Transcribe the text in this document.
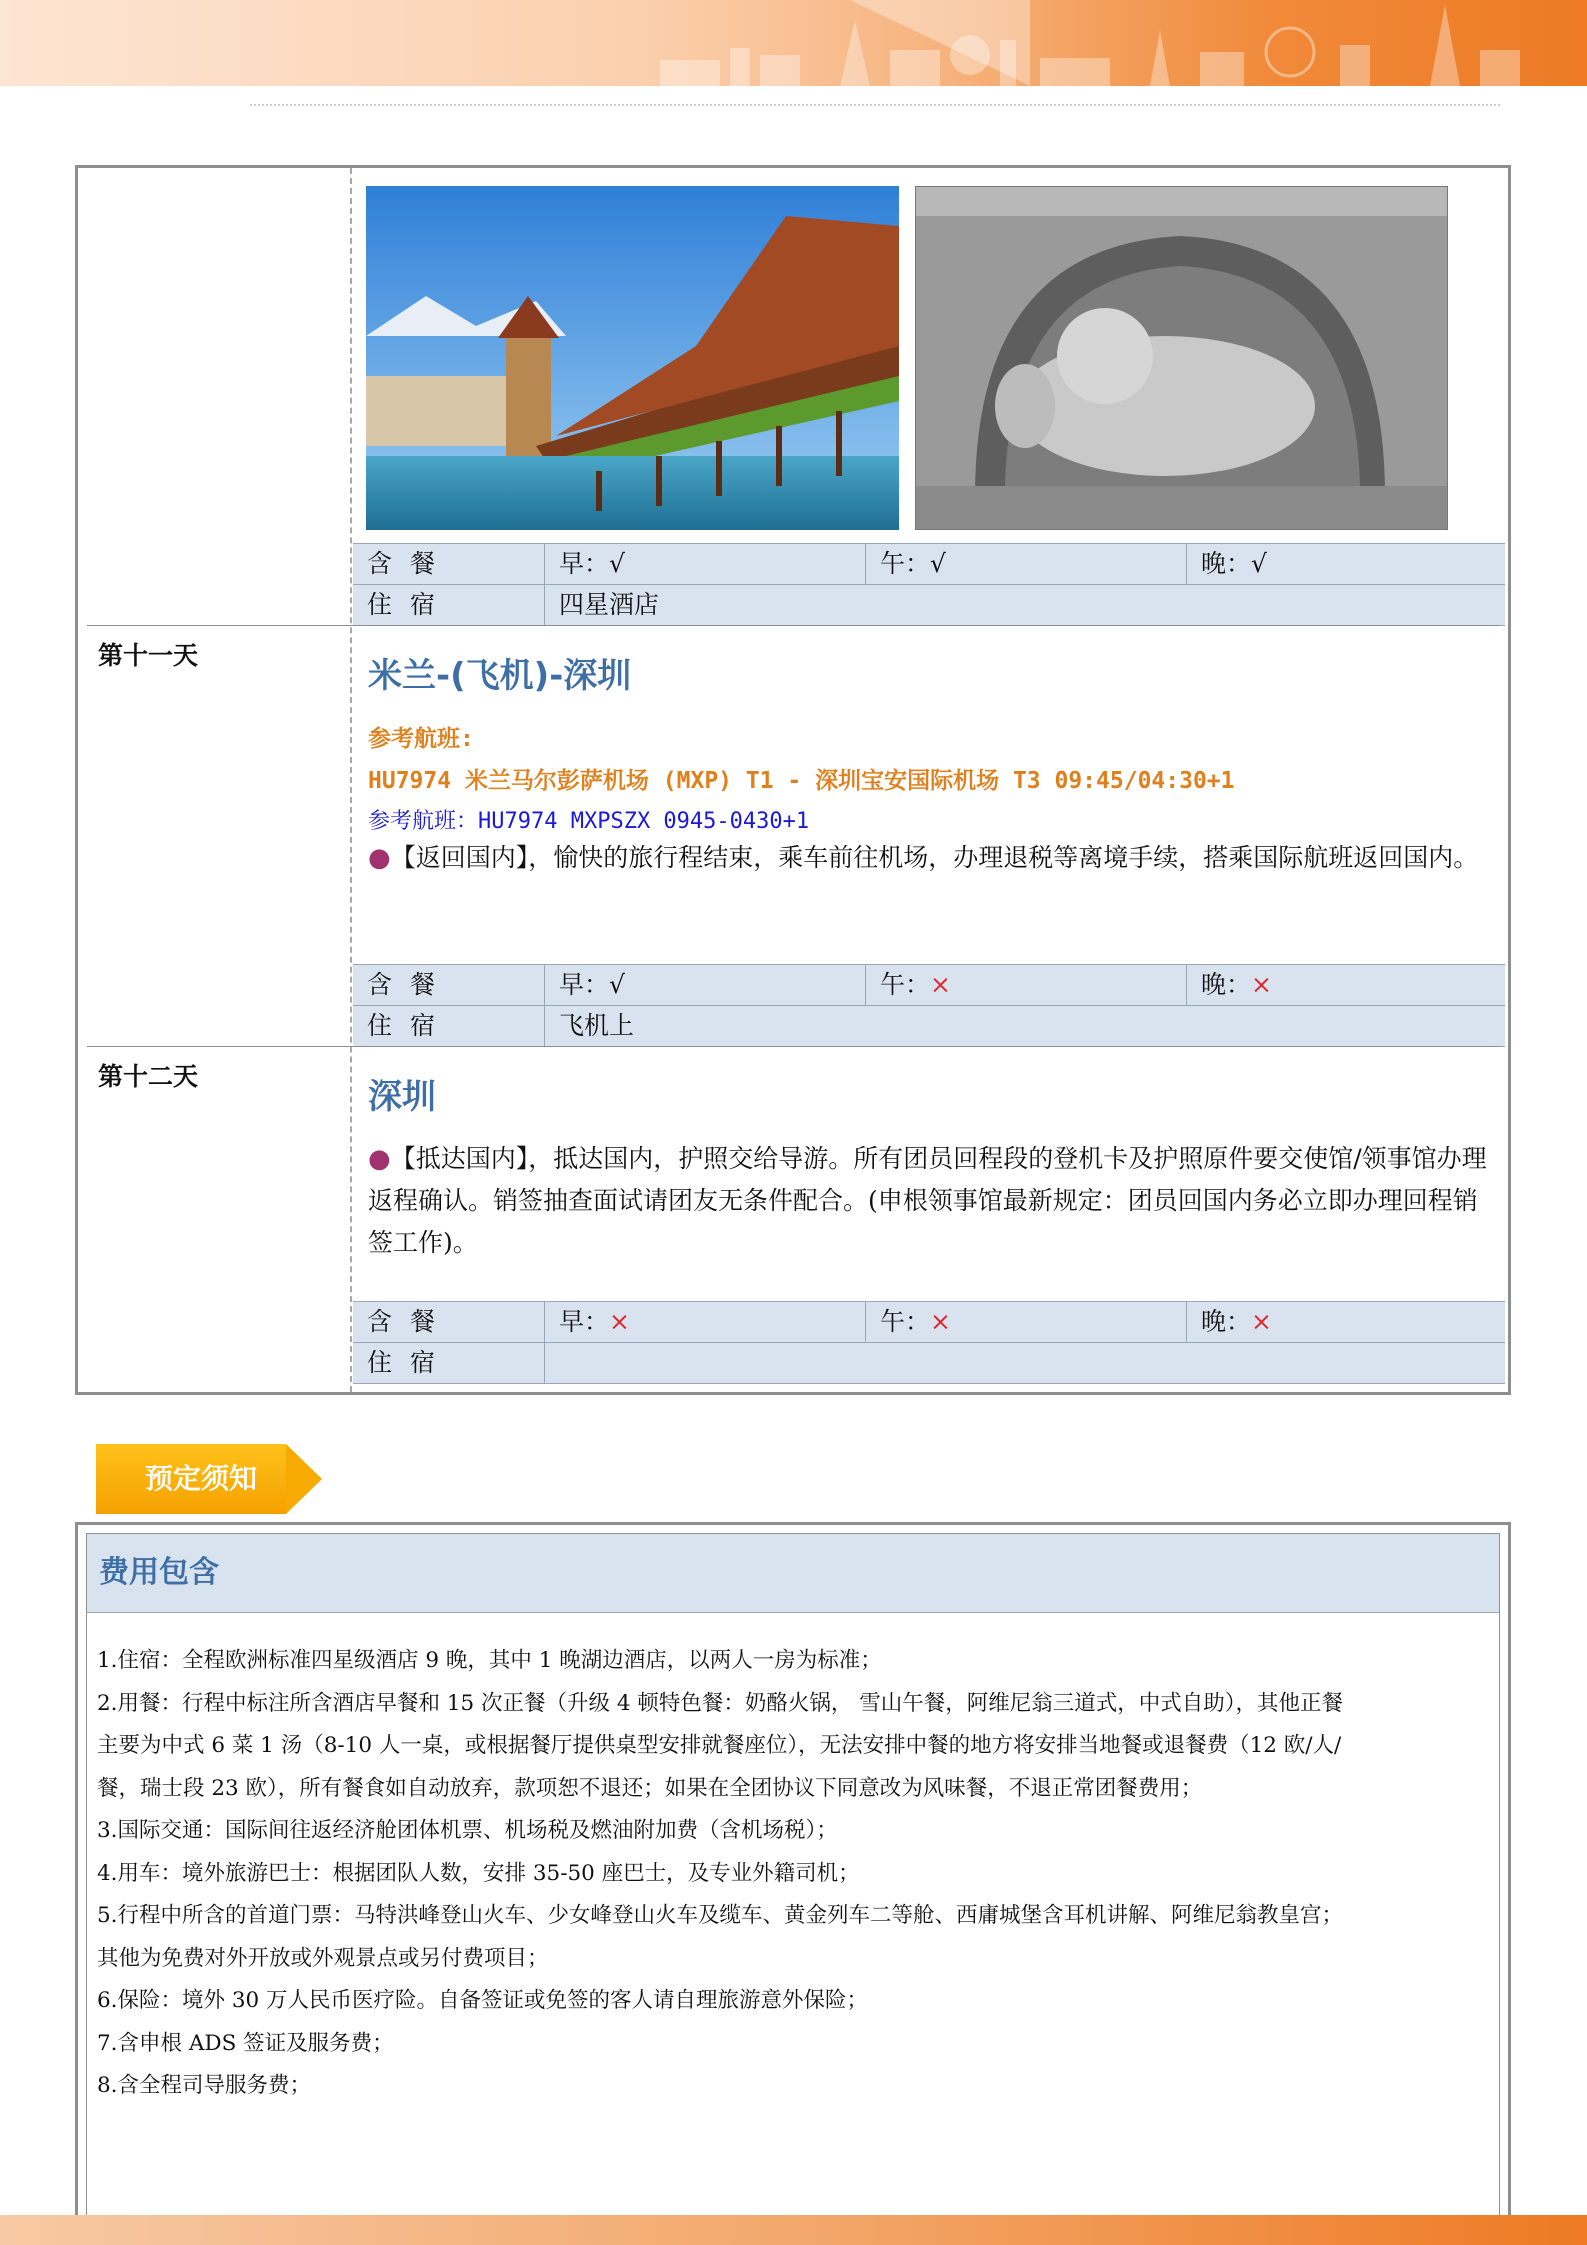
含餐	早：√	午：√	晚：√
住宿	四星酒店
第十一天
米兰-(飞机)-深圳
参考航班:
HU7974 米兰马尔彭萨机场 (MXP) T1 - 深圳宝安国际机场 T3 09:45/04:30+1
参考航班：HU7974 MXPSZX 0945-0430+1
●【返回国内】，愉快的旅行程结束，乘车前往机场，办理退税等离境手续，搭乘国际航班返回国内。
含餐	早：√	午：×	晚：×
住宿	飞机上
第十二天
深圳
●【抵达国内】，抵达国内，护照交给导游。所有团员回程段的登机卡及护照原件要交使馆/领事馆办理返程确认。销签抽查面试请团友无条件配合。(申根领事馆最新规定：团员回国内务必立即办理回程销签工作)。
含餐	早：×	午：×	晚：×
住宿
预定须知
费用包含
1.住宿：全程欧洲标准四星级酒店 9 晚，其中 1 晚湖边酒店，以两人一房为标准；
2.用餐：行程中标注所含酒店早餐和 15 次正餐（升级 4 顿特色餐：奶酪火锅， 雪山午餐，阿维尼翁三道式，中式自助），其他正餐
主要为中式 6 菜 1 汤（8-10 人一桌，或根据餐厅提供桌型安排就餐座位），无法安排中餐的地方将安排当地餐或退餐费（12 欧/人/
餐，瑞士段 23 欧），所有餐食如自动放弃，款项恕不退还；如果在全团协议下同意改为风味餐，不退正常团餐费用；
3.国际交通：国际间往返经济舱团体机票、机场税及燃油附加费（含机场税）；
4.用车：境外旅游巴士：根据团队人数，安排 35-50 座巴士，及专业外籍司机；
5.行程中所含的首道门票：马特洪峰登山火车、少女峰登山火车及缆车、黄金列车二等舱、西庸城堡含耳机讲解、阿维尼翁教皇宫；
其他为免费对外开放或外观景点或另付费项目；
6.保险：境外 30 万人民币医疗险。自备签证或免签的客人请自理旅游意外保险；
7.含申根 ADS 签证及服务费；
8.含全程司导服务费；
